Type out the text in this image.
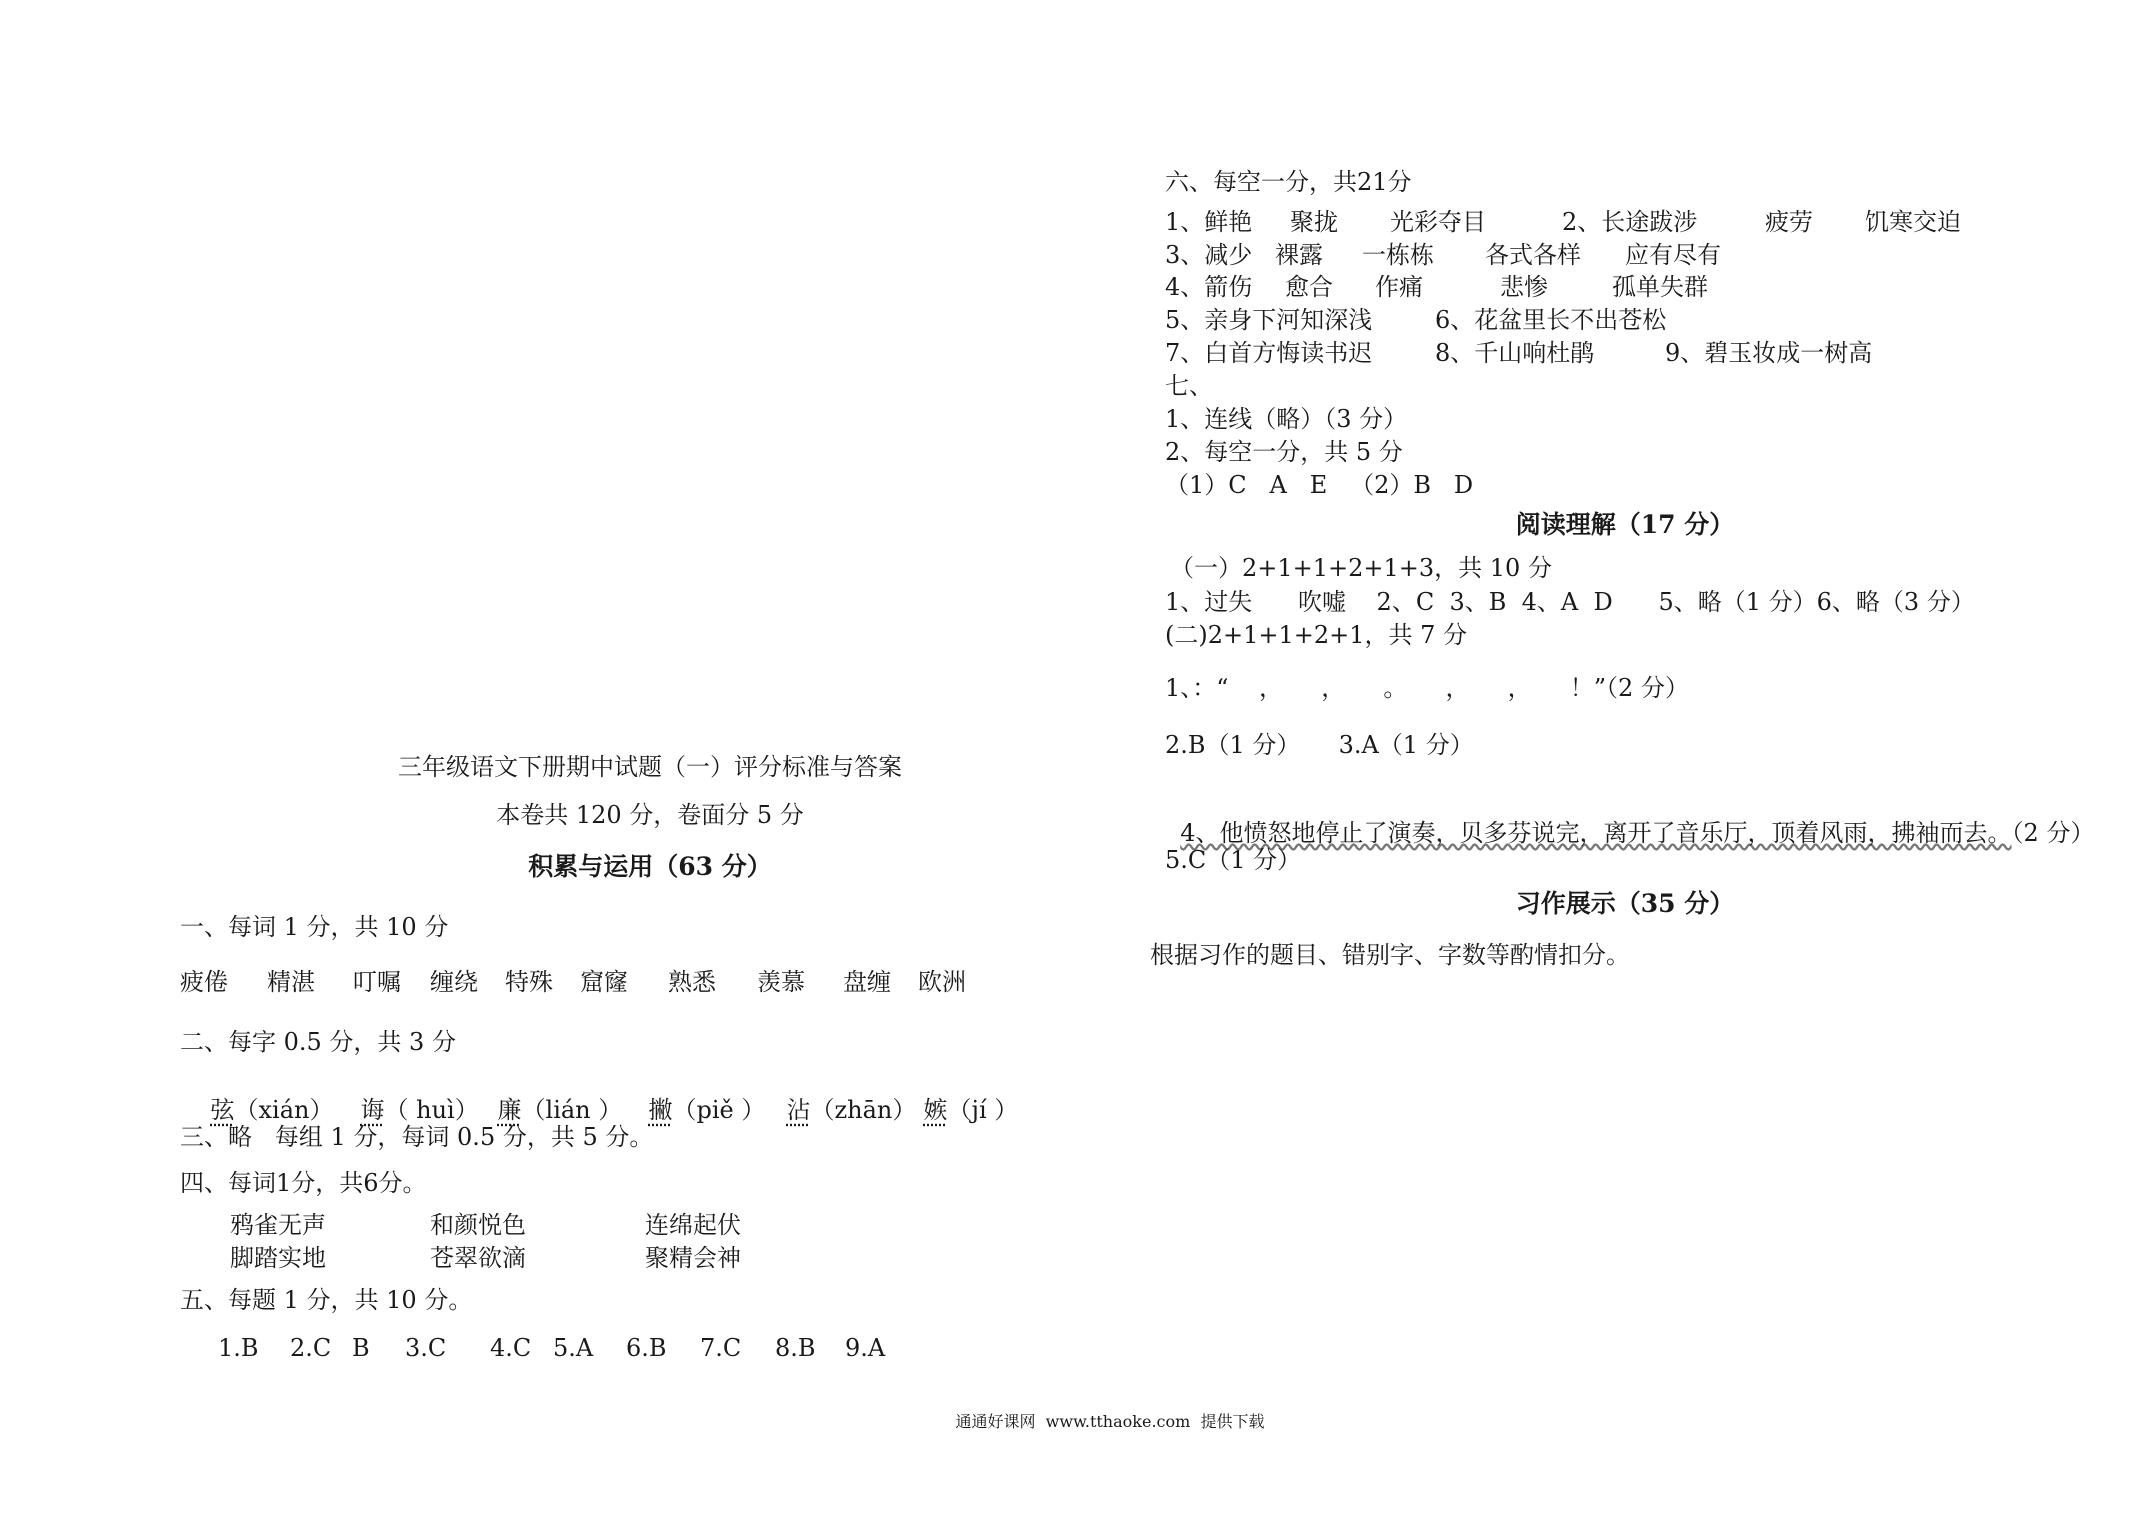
三年级语文下册期中试题（一）评分标准与答案
本卷共 120 分，卷面分 5 分
积累与运用（63 分）
一、每词 1 分，共 10 分
疲倦 精湛 叮嘱 缠绕 特殊 窟窿 熟悉 羡慕 盘缠 欧洲
二、每字 0.5 分，共 3 分

弦（xián）
	诲（ huì）
廉（lián ）
	撇（piě ）
沾（zhān）
嫉（jí ）

三、略   每组 1 分，每词 0.5 分，共 5 分。
四、每词1分，共6分。
鸦雀无声	和颜悦色	连绵起伏
脚踏实地	苍翠欲滴	聚精会神
五、每题 1 分，共 10 分。
1.B 2.C B 3.C 4.C 5.A 6.B 7.C 8.B 9.A
六、每空一分，共21分
1、鲜艳 聚拢 光彩夺目	2、长途跋涉	疲劳 饥寒交迫
3、减少 裸露 一栋栋 各式各样 应有尽有
4、箭伤 愈合 作痛	悲惨	孤单失群
5、亲身下河知深浅	6、花盆里长不出苍松
7、白首方悔读书迟	8、千山响杜鹃	9、碧玉妆成一树高
七、
1、连线（略）（3 分）
2、每空一分，共 5 分
（1）C   A   E   （2）B   D
阅读理解（17 分）
（一）2+1+1+2+1+3，共 10 分
1、过失      吹嘘    2、C  3、B  4、A  D      5、略（1 分）6、略（3 分）
(二)2+1+1+2+1，共 7 分
1、：“    ，     ，     。     ，     ，     ！”（2 分）
2.B（1 分）     3.A（1 分）

4、他愤怒地停止了演奏，贝多芬说完，离开了音乐厅，顶着风雨，拂袖而去。（2 分）

5.C（1 分）
习作展示（35 分）
根据习作的题目、错别字、字数等酌情扣分。
通通好课网  www.tthaoke.com  提供下载
